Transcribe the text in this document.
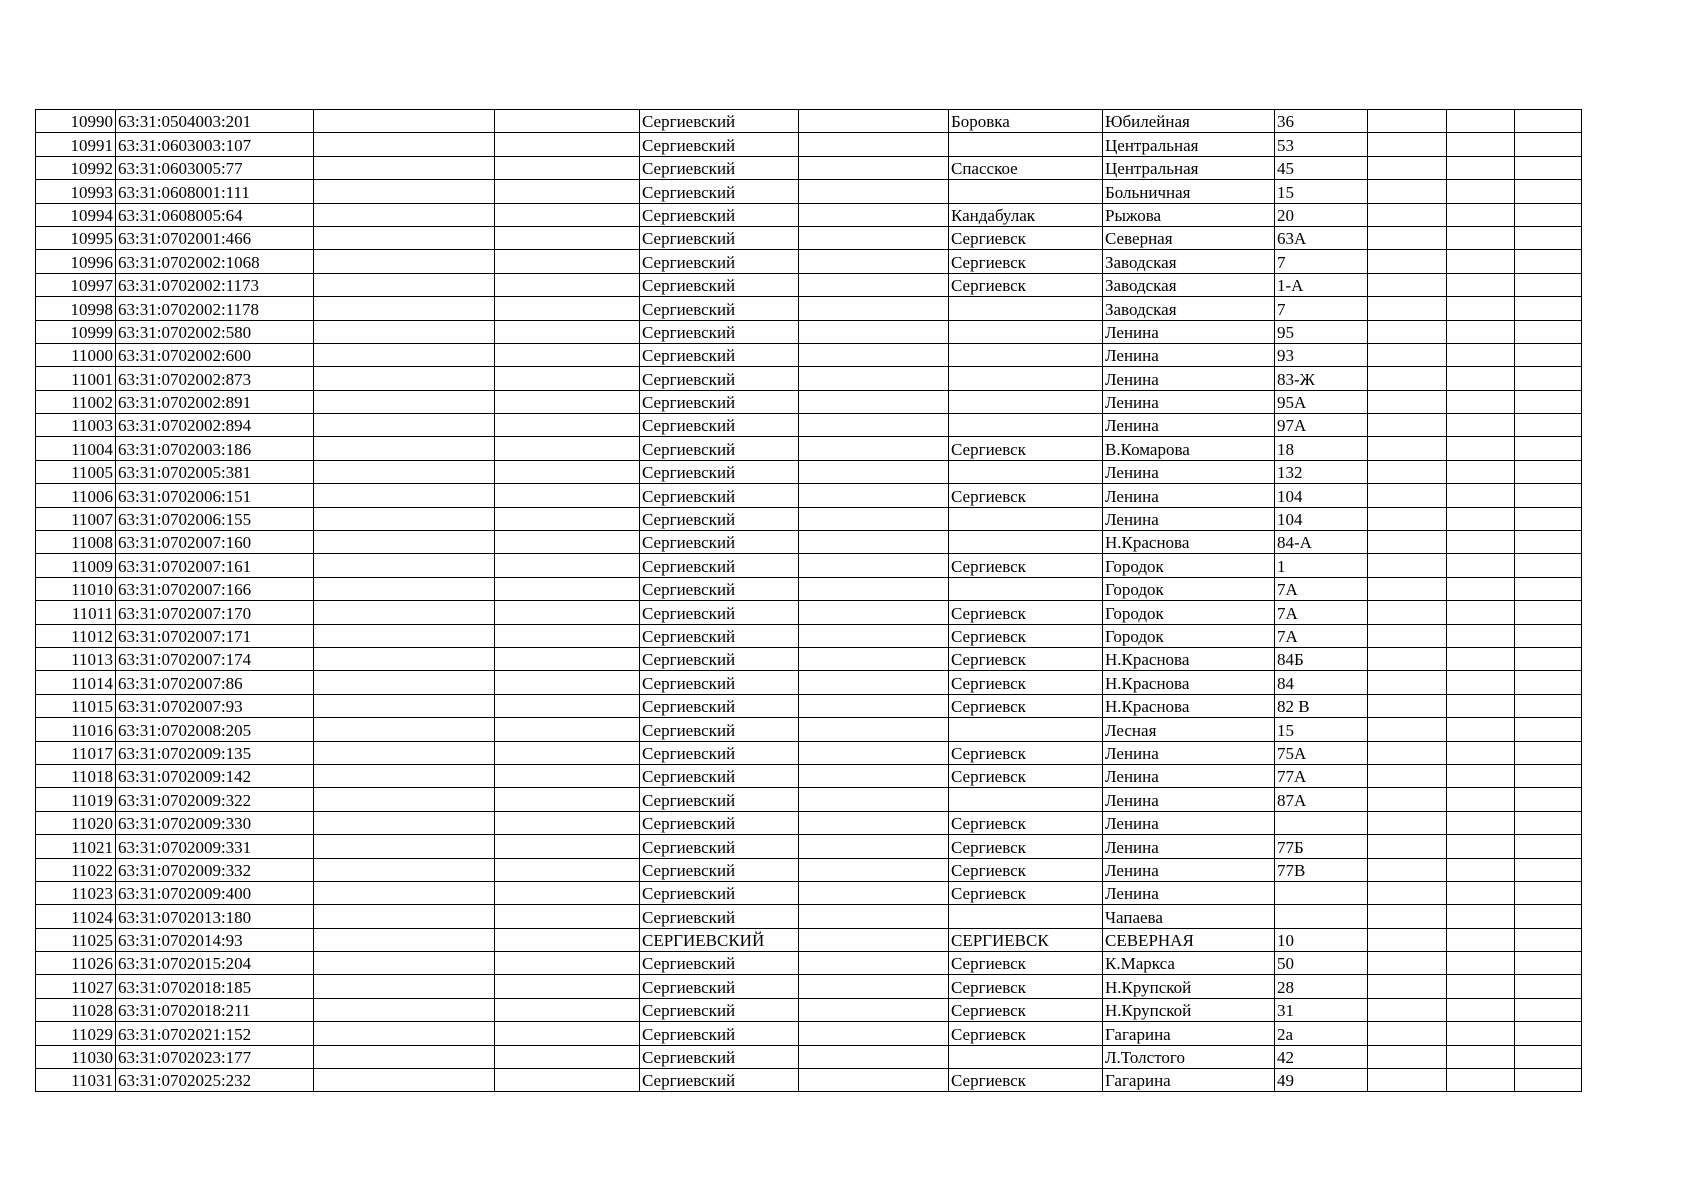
10990	63:31:0504003:201			Сергиевский		Боровка	Юбилейная	36			
10991	63:31:0603003:107			Сергиевский			Центральная	53			
10992	63:31:0603005:77			Сергиевский		Спасское	Центральная	45			
10993	63:31:0608001:111			Сергиевский			Больничная	15			
10994	63:31:0608005:64			Сергиевский		Кандабулак	Рыжова	20			
10995	63:31:0702001:466			Сергиевский		Сергиевск	Северная	63А			
10996	63:31:0702002:1068			Сергиевский		Сергиевск	Заводская	7			
10997	63:31:0702002:1173			Сергиевский		Сергиевск	Заводская	1-А			
10998	63:31:0702002:1178			Сергиевский			Заводская	7			
10999	63:31:0702002:580			Сергиевский			Ленина	95			
11000	63:31:0702002:600			Сергиевский			Ленина	93			
11001	63:31:0702002:873			Сергиевский			Ленина	83-Ж			
11002	63:31:0702002:891			Сергиевский			Ленина	95А			
11003	63:31:0702002:894			Сергиевский			Ленина	97А			
11004	63:31:0702003:186			Сергиевский		Сергиевск	В.Комарова	18			
11005	63:31:0702005:381			Сергиевский			Ленина	132			
11006	63:31:0702006:151			Сергиевский		Сергиевск	Ленина	104			
11007	63:31:0702006:155			Сергиевский			Ленина	104			
11008	63:31:0702007:160			Сергиевский			Н.Краснова	84-А			
11009	63:31:0702007:161			Сергиевский		Сергиевск	Городок	1			
11010	63:31:0702007:166			Сергиевский			Городок	7А			
11011	63:31:0702007:170			Сергиевский		Сергиевск	Городок	7А			
11012	63:31:0702007:171			Сергиевский		Сергиевск	Городок	7А			
11013	63:31:0702007:174			Сергиевский		Сергиевск	Н.Краснова	84Б			
11014	63:31:0702007:86			Сергиевский		Сергиевск	Н.Краснова	84			
11015	63:31:0702007:93			Сергиевский		Сергиевск	Н.Краснова	82 В			
11016	63:31:0702008:205			Сергиевский			Лесная	15			
11017	63:31:0702009:135			Сергиевский		Сергиевск	Ленина	75А			
11018	63:31:0702009:142			Сергиевский		Сергиевск	Ленина	77А			
11019	63:31:0702009:322			Сергиевский			Ленина	87А			
11020	63:31:0702009:330			Сергиевский		Сергиевск	Ленина				
11021	63:31:0702009:331			Сергиевский		Сергиевск	Ленина	77Б			
11022	63:31:0702009:332			Сергиевский		Сергиевск	Ленина	77В			
11023	63:31:0702009:400			Сергиевский		Сергиевск	Ленина				
11024	63:31:0702013:180			Сергиевский			Чапаева				
11025	63:31:0702014:93			СЕРГИЕВСКИЙ		СЕРГИЕВСК	СЕВЕРНАЯ	10			
11026	63:31:0702015:204			Сергиевский		Сергиевск	К.Маркса	50			
11027	63:31:0702018:185			Сергиевский		Сергиевск	Н.Крупской	28			
11028	63:31:0702018:211			Сергиевский		Сергиевск	Н.Крупской	31			
11029	63:31:0702021:152			Сергиевский		Сергиевск	Гагарина	2а			
11030	63:31:0702023:177			Сергиевский			Л.Толстого	42			
11031	63:31:0702025:232			Сергиевский		Сергиевск	Гагарина	49			
